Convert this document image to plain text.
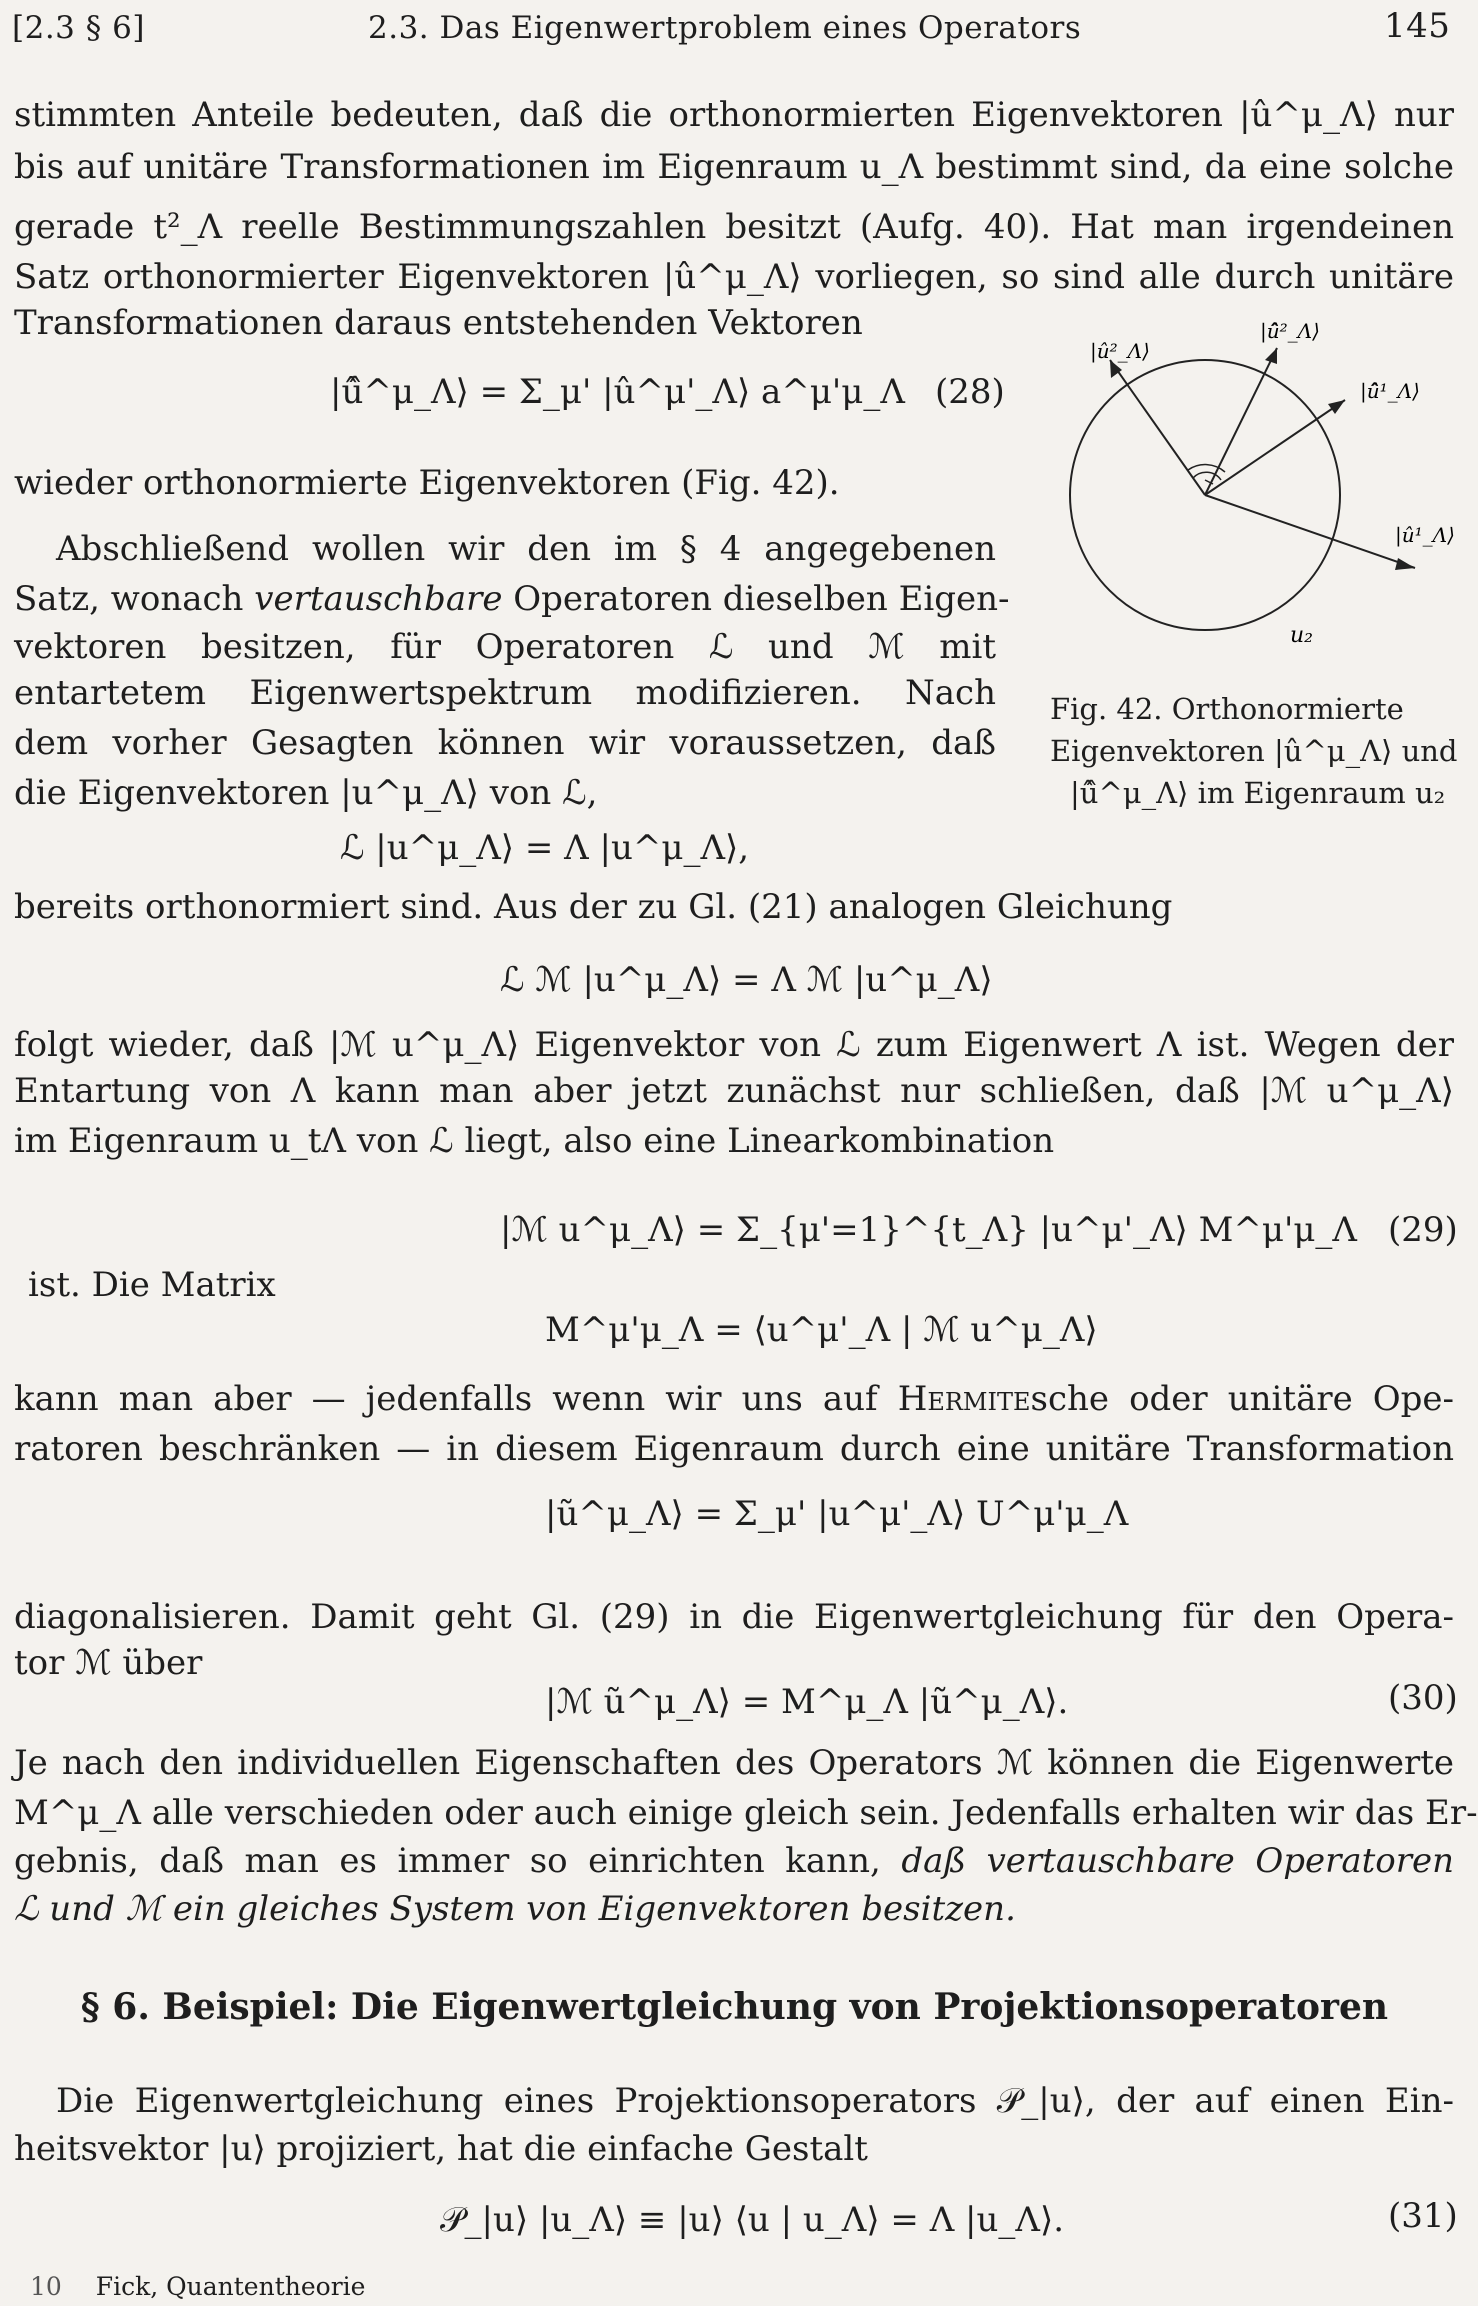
[2.3 § 6]	2.3. Das Eigenwertproblem eines Operators	145
stimmten Anteile bedeuten, daß die orthonormierten Eigenvektoren |û^μ_Λ⟩ nur
bis auf unitäre Transformationen im Eigenraum u_Λ bestimmt sind, da eine solche
gerade t²_Λ reelle Bestimmungszahlen besitzt (Aufg. 40). Hat man irgendeinen
Satz orthonormierter Eigenvektoren |û^μ_Λ⟩ vorliegen, so sind alle durch unitäre
Transformationen daraus entstehenden Vektoren
|û̂^μ_Λ⟩ = Σ_μ' |û^μ'_Λ⟩ a^μ'μ_Λ (28)
wieder orthonormierte Eigenvektoren (Fig. 42).
Abschließend wollen wir den im § 4 angegebenen
Satz, wonach vertauschbare Operatoren dieselben Eigen-
vektoren besitzen, für Operatoren ℒ und ℳ mit
entartetem Eigenwertspektrum modifizieren. Nach
dem vorher Gesagten können wir voraussetzen, daß
die Eigenvektoren |u^μ_Λ⟩ von ℒ,
ℒ |u^μ_Λ⟩ = Λ |u^μ_Λ⟩,
bereits orthonormiert sind. Aus der zu Gl. (21) analogen Gleichung
ℒ ℳ |u^μ_Λ⟩ = Λ ℳ |u^μ_Λ⟩
folgt wieder, daß |ℳ u^μ_Λ⟩ Eigenvektor von ℒ zum Eigenwert Λ ist. Wegen der
Entartung von Λ kann man aber jetzt zunächst nur schließen, daß |ℳ u^μ_Λ⟩
im Eigenraum u_tΛ von ℒ liegt, also eine Linearkombination
|ℳ u^μ_Λ⟩ = Σ_{μ'=1}^{t_Λ} |u^μ'_Λ⟩ M^μ'μ_Λ (29)
ist. Die Matrix
M^μ'μ_Λ = ⟨u^μ'_Λ | ℳ u^μ_Λ⟩
kann man aber — jedenfalls wenn wir uns auf Hermitesche oder unitäre Ope-
ratoren beschränken — in diesem Eigenraum durch eine unitäre Transformation
|ũ^μ_Λ⟩ = Σ_μ' |u^μ'_Λ⟩ U^μ'μ_Λ
diagonalisieren. Damit geht Gl. (29) in die Eigenwertgleichung für den Opera-
tor ℳ über
|ℳ ũ^μ_Λ⟩ = M^μ_Λ |ũ^μ_Λ⟩.	(30)
Je nach den individuellen Eigenschaften des Operators ℳ können die Eigenwerte
M^μ_Λ alle verschieden oder auch einige gleich sein. Jedenfalls erhalten wir das Er-
gebnis, daß man es immer so einrichten kann, daß vertauschbare Operatoren
ℒ und ℳ ein gleiches System von Eigenvektoren besitzen.
§ 6. Beispiel: Die Eigenwertgleichung von Projektionsoperatoren
Die Eigenwertgleichung eines Projektionsoperators 𝒫_|u⟩, der auf einen Ein-
heitsvektor |u⟩ projiziert, hat die einfache Gestalt
𝒫_|u⟩ |u_Λ⟩ ≡ |u⟩ ⟨u | u_Λ⟩ = Λ |u_Λ⟩.	(31)
10 Fick, Quantentheorie
|û²_Λ⟩
|û̂²_Λ⟩
|û̂¹_Λ⟩
|û¹_Λ⟩
u₂
Fig. 42. Orthonormierte
Eigenvektoren |û^μ_Λ⟩ und
|û̂^μ_Λ⟩ im Eigenraum u₂
